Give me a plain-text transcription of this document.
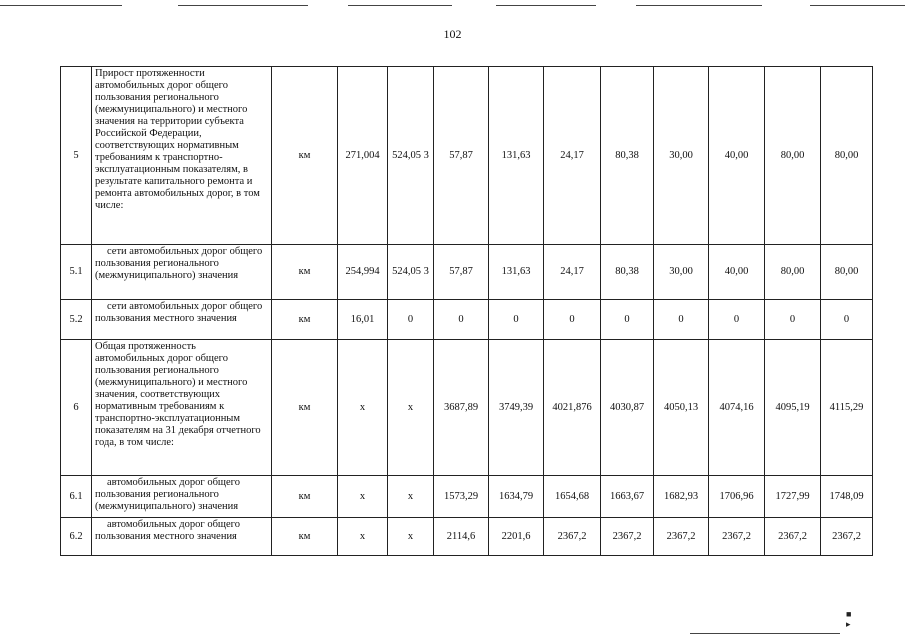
102
5	Прирост протяженности автомобильных дорог общего пользования регионального (межмуниципального) и местного значения на территории субъекта Российской Федерации, соответствующих нормативным требованиям к транспортно-эксплуатационным показателям, в результате капитального ремонта и ремонта автомобильных дорог, в том числе:	км	271,004	524,05 3	57,87	131,63	24,17	80,38	30,00	40,00	80,00	80,00
5.1	сети автомобильных дорог общего пользования регионального (межмуниципального) значения	км	254,994	524,05 3	57,87	131,63	24,17	80,38	30,00	40,00	80,00	80,00
5.2	сети автомобильных дорог общего пользования местного значения	км	16,01	0	0	0	0	0	0	0	0	0
6	Общая протяженность автомобильных дорог общего пользования регионального (межмуниципального) и местного значения, соответствующих нормативным требованиям к транспортно-эксплуатационным показателям на 31 декабря отчетного года, в том числе:	км	х	х	3687,89	3749,39	4021,876	4030,87	4050,13	4074,16	4095,19	4115,29
6.1	автомобильных дорог общего пользования регионального (межмуниципального) значения	км	х	х	1573,29	1634,79	1654,68	1663,67	1682,93	1706,96	1727,99	1748,09
6.2	автомобильных дорог общего пользования местного значения	км	х	х	2114,6	2201,6	2367,2	2367,2	2367,2	2367,2	2367,2	2367,2
■ ▸
